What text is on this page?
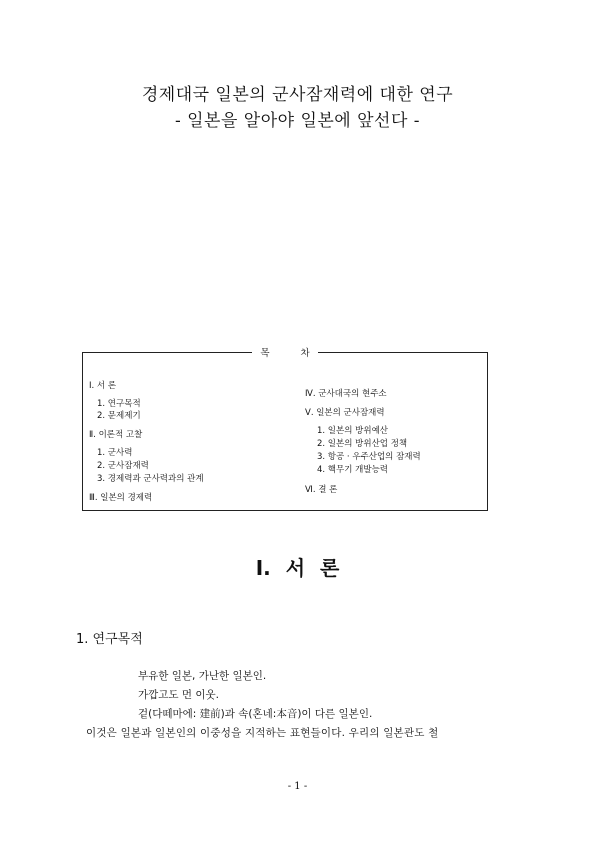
경제대국 일본의 군사잠재력에 대한 연구
- 일본을 알아야 일본에 앞선다 -
목 차
Ⅰ. 서 론
1. 연구목적
2. 문제제기
Ⅱ. 이론적 고찰
1. 군사력
2. 군사잠재력
3. 경제력과 군사력과의 관계
Ⅲ. 일본의 경제력
Ⅳ. 군사대국의 현주소
Ⅴ. 일본의 군사잠재력
1. 일본의 방위예산
2. 일본의 방위산업 정책
3. 항공 · 우주산업의 잠재력
4. 핵무기 개발능력
Ⅵ. 결 론
Ⅰ. 서 론
1. 연구목적
부유한 일본, 가난한 일본인.
가깝고도 먼 이웃.
겉(다떼마에: 建前)과 속(혼네:本音)이 다른 일본인.
이것은 일본과 일본인의 이중성을 지적하는 표현들이다. 우리의 일본관도 철
- 1 -
